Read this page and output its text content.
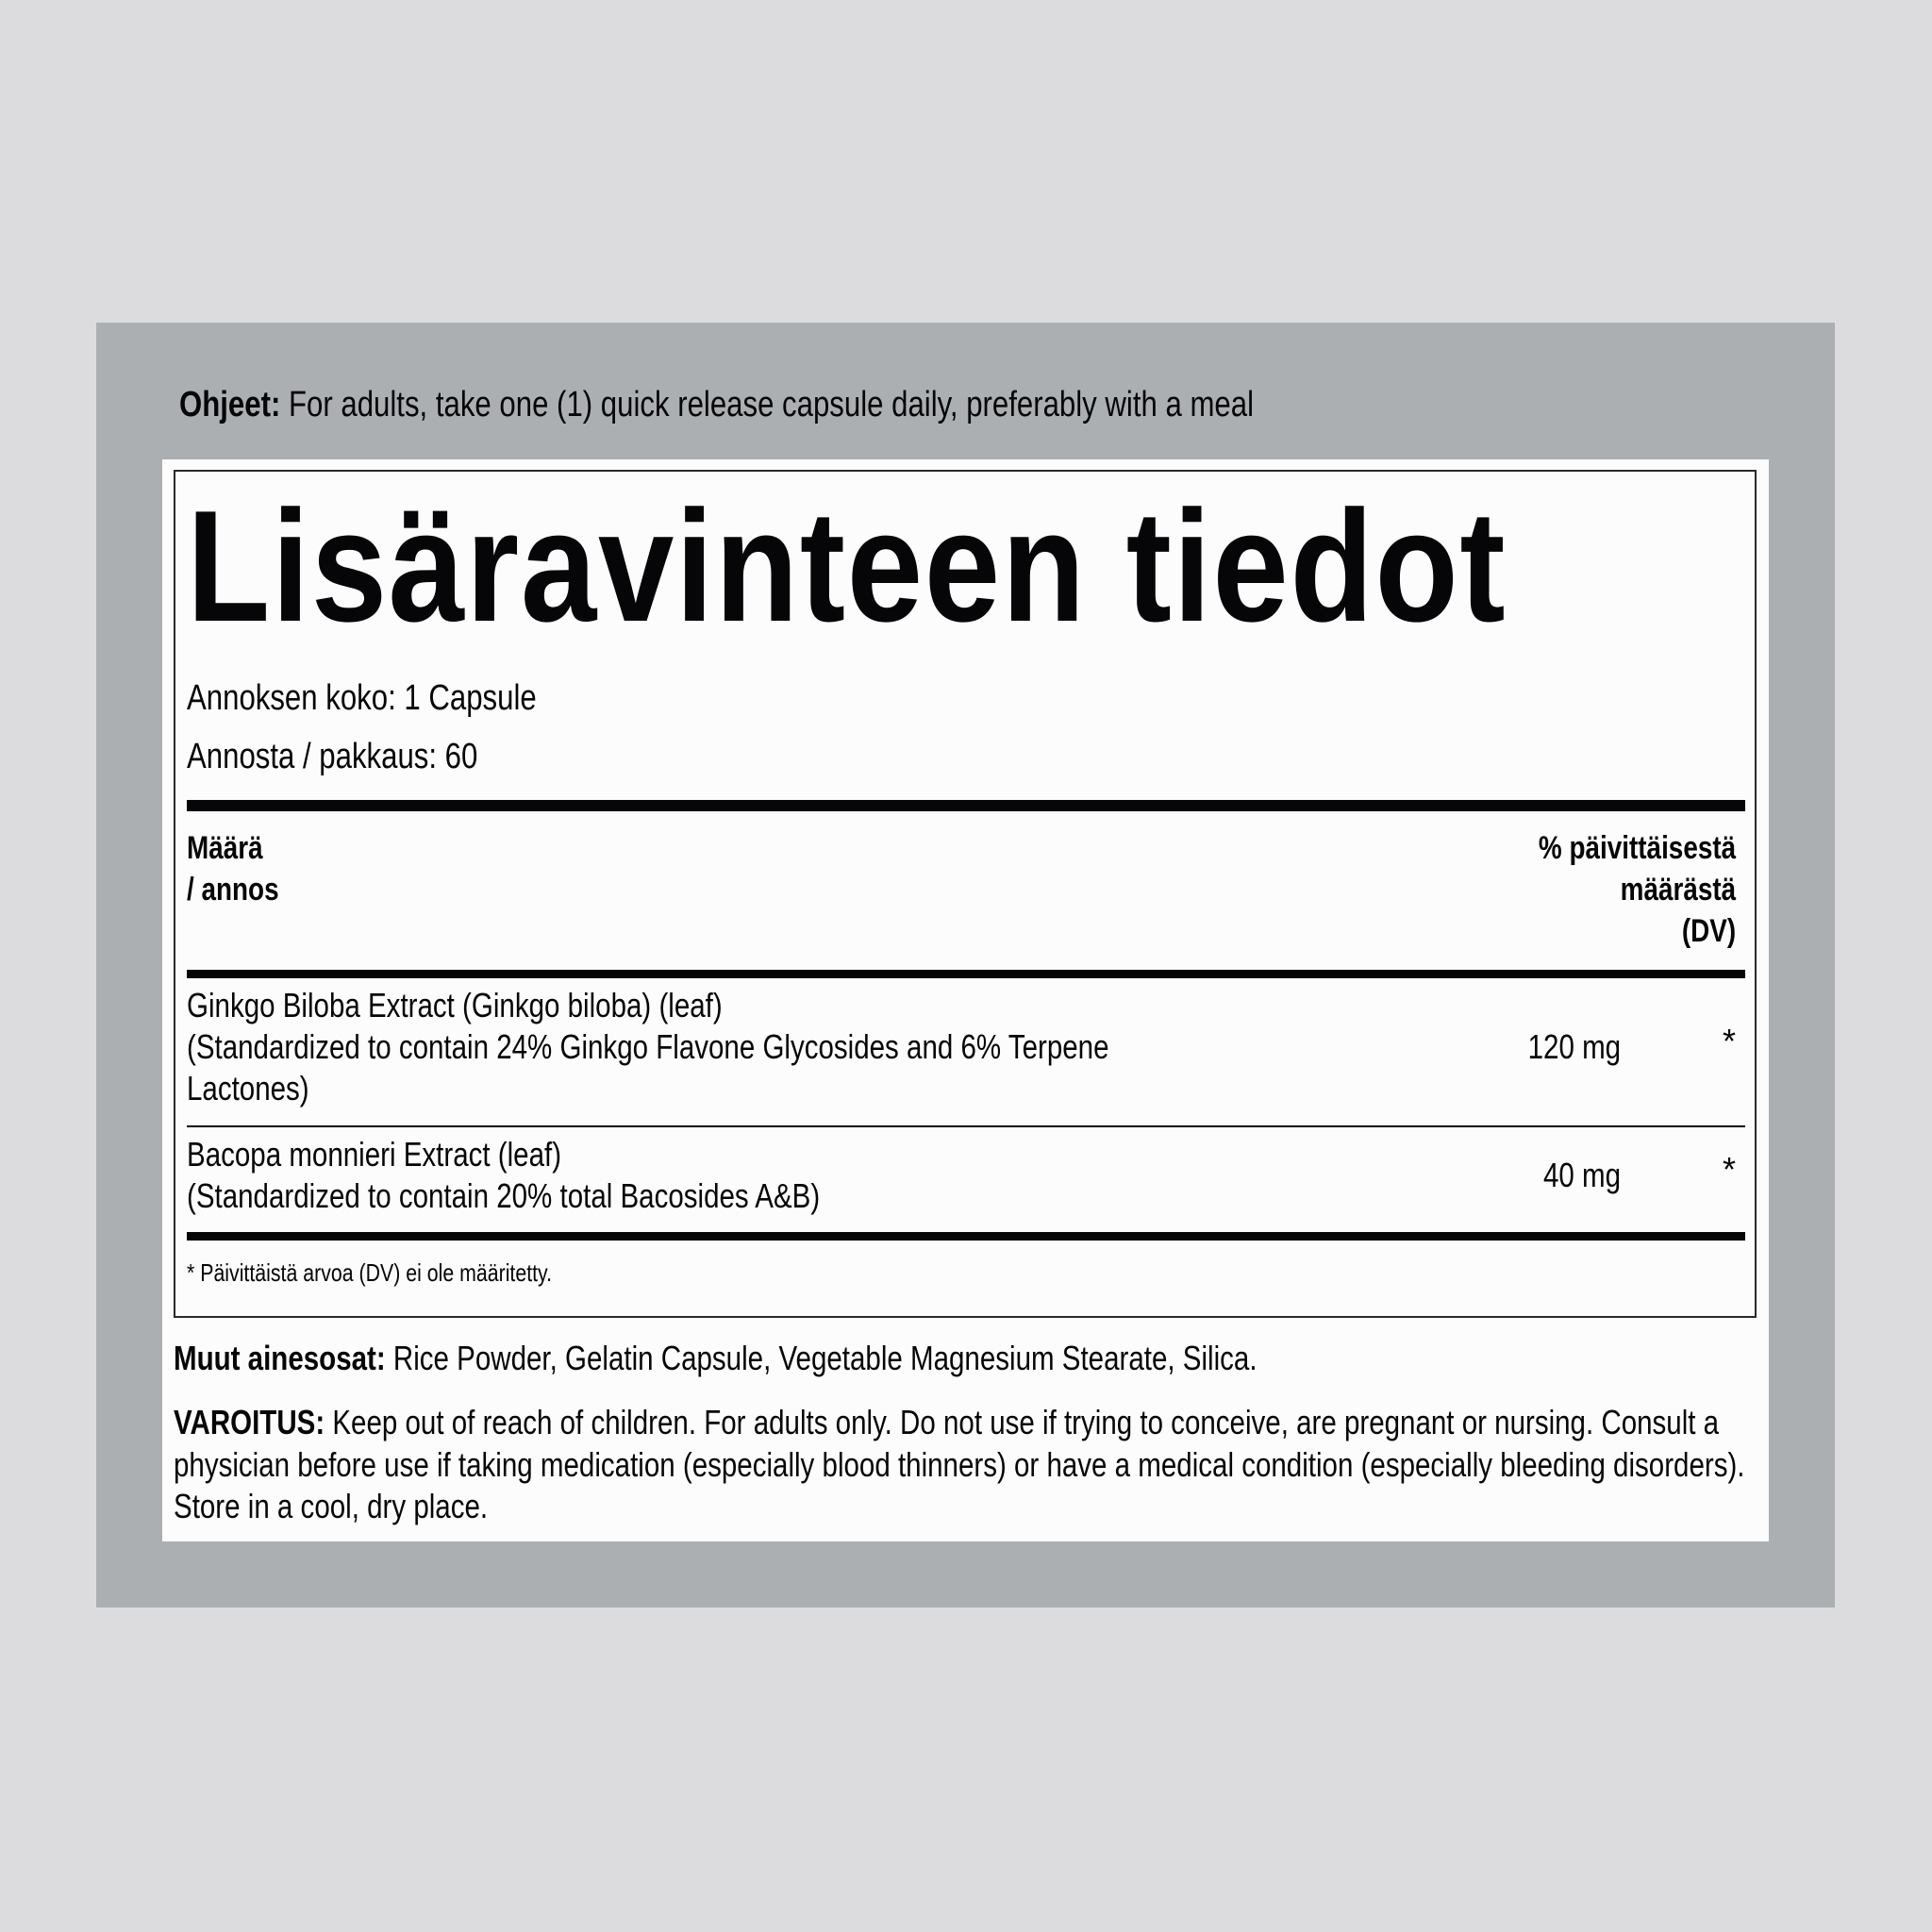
Ohjeet: For adults, take one (1) quick release capsule daily, preferably with a meal
Lisäravinteen tiedot
Annoksen koko: 1 Capsule
Annosta / pakkaus: 60
Määrä
/ annos
% päivittäisestä
määrästä
(DV)
Ginkgo Biloba Extract (Ginkgo biloba) (leaf)
(Standardized to contain 24% Ginkgo Flavone Glycosides and 6% Terpene
Lactones)
120 mg	*
Bacopa monnieri Extract (leaf)
(Standardized to contain 20% total Bacosides A&B)
40 mg	*
* Päivittäistä arvoa (DV) ei ole määritetty.
Muut ainesosat: Rice Powder, Gelatin Capsule, Vegetable Magnesium Stearate, Silica.
VAROITUS: Keep out of reach of children. For adults only. Do not use if trying to conceive, are pregnant or nursing. Consult a physician before use if taking medication (especially blood thinners) or have a medical condition (especially bleeding disorders). Store in a cool, dry place.
